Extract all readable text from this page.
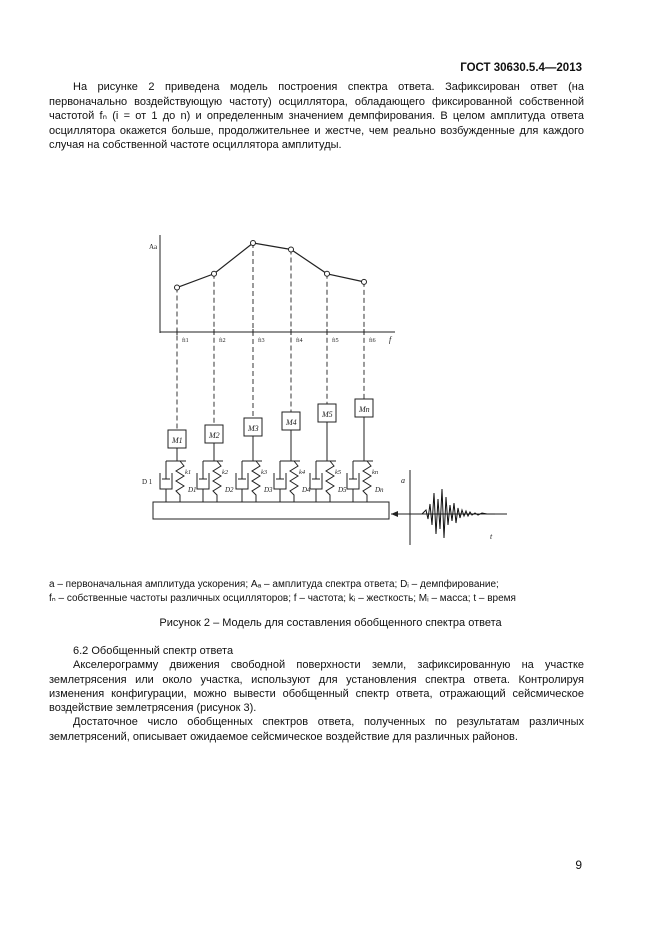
ГОСТ 30630.5.4—2013
На рисунке 2 приведена модель построения спектра ответа. Зафиксирован ответ (на первоначально воздействующую частоту) осциллятора, обладающего фиксированной собственной частотой fₙ (i = от 1 до n) и определенным значением демпфирования. В целом амплитуда ответа осциллятора окажется больше, продолжительнее и жестче, чем реально возбужденные для каждого случая на собственной частоте осциллятора амплитуды.
Aa
f
fi1
M1
k1
D1
fi2
M2
k2
D2
fi3
M3
k3
D3
fi4
M4
k4
D4
fi5
M5
k5
D5
fi6
Mn
kn
Dn
D 1	a
t
a – первоначальная амплитуда ускорения; Aₐ – амплитуда спектра ответа; Dᵢ – демпфирование;
fₙ – собственные частоты различных осцилляторов; f – частота; kᵢ – жесткость; Mᵢ – масса; t – время
Рисунок 2 – Модель для составления обобщенного спектра ответа
6.2 Обобщенный спектр ответа
Акселерограмму движения свободной поверхности земли, зафиксированную на участке землетрясения или около участка, используют для установления спектра ответа. Контролируя изменения конфигурации, можно вывести обобщенный спектр ответа, отражающий сейсмическое воздействие землетрясения (рисунок 3).
Достаточное число обобщенных спектров ответа, полученных по результатам различных землетрясений, описывает ожидаемое сейсмическое воздействие для различных районов.
9
